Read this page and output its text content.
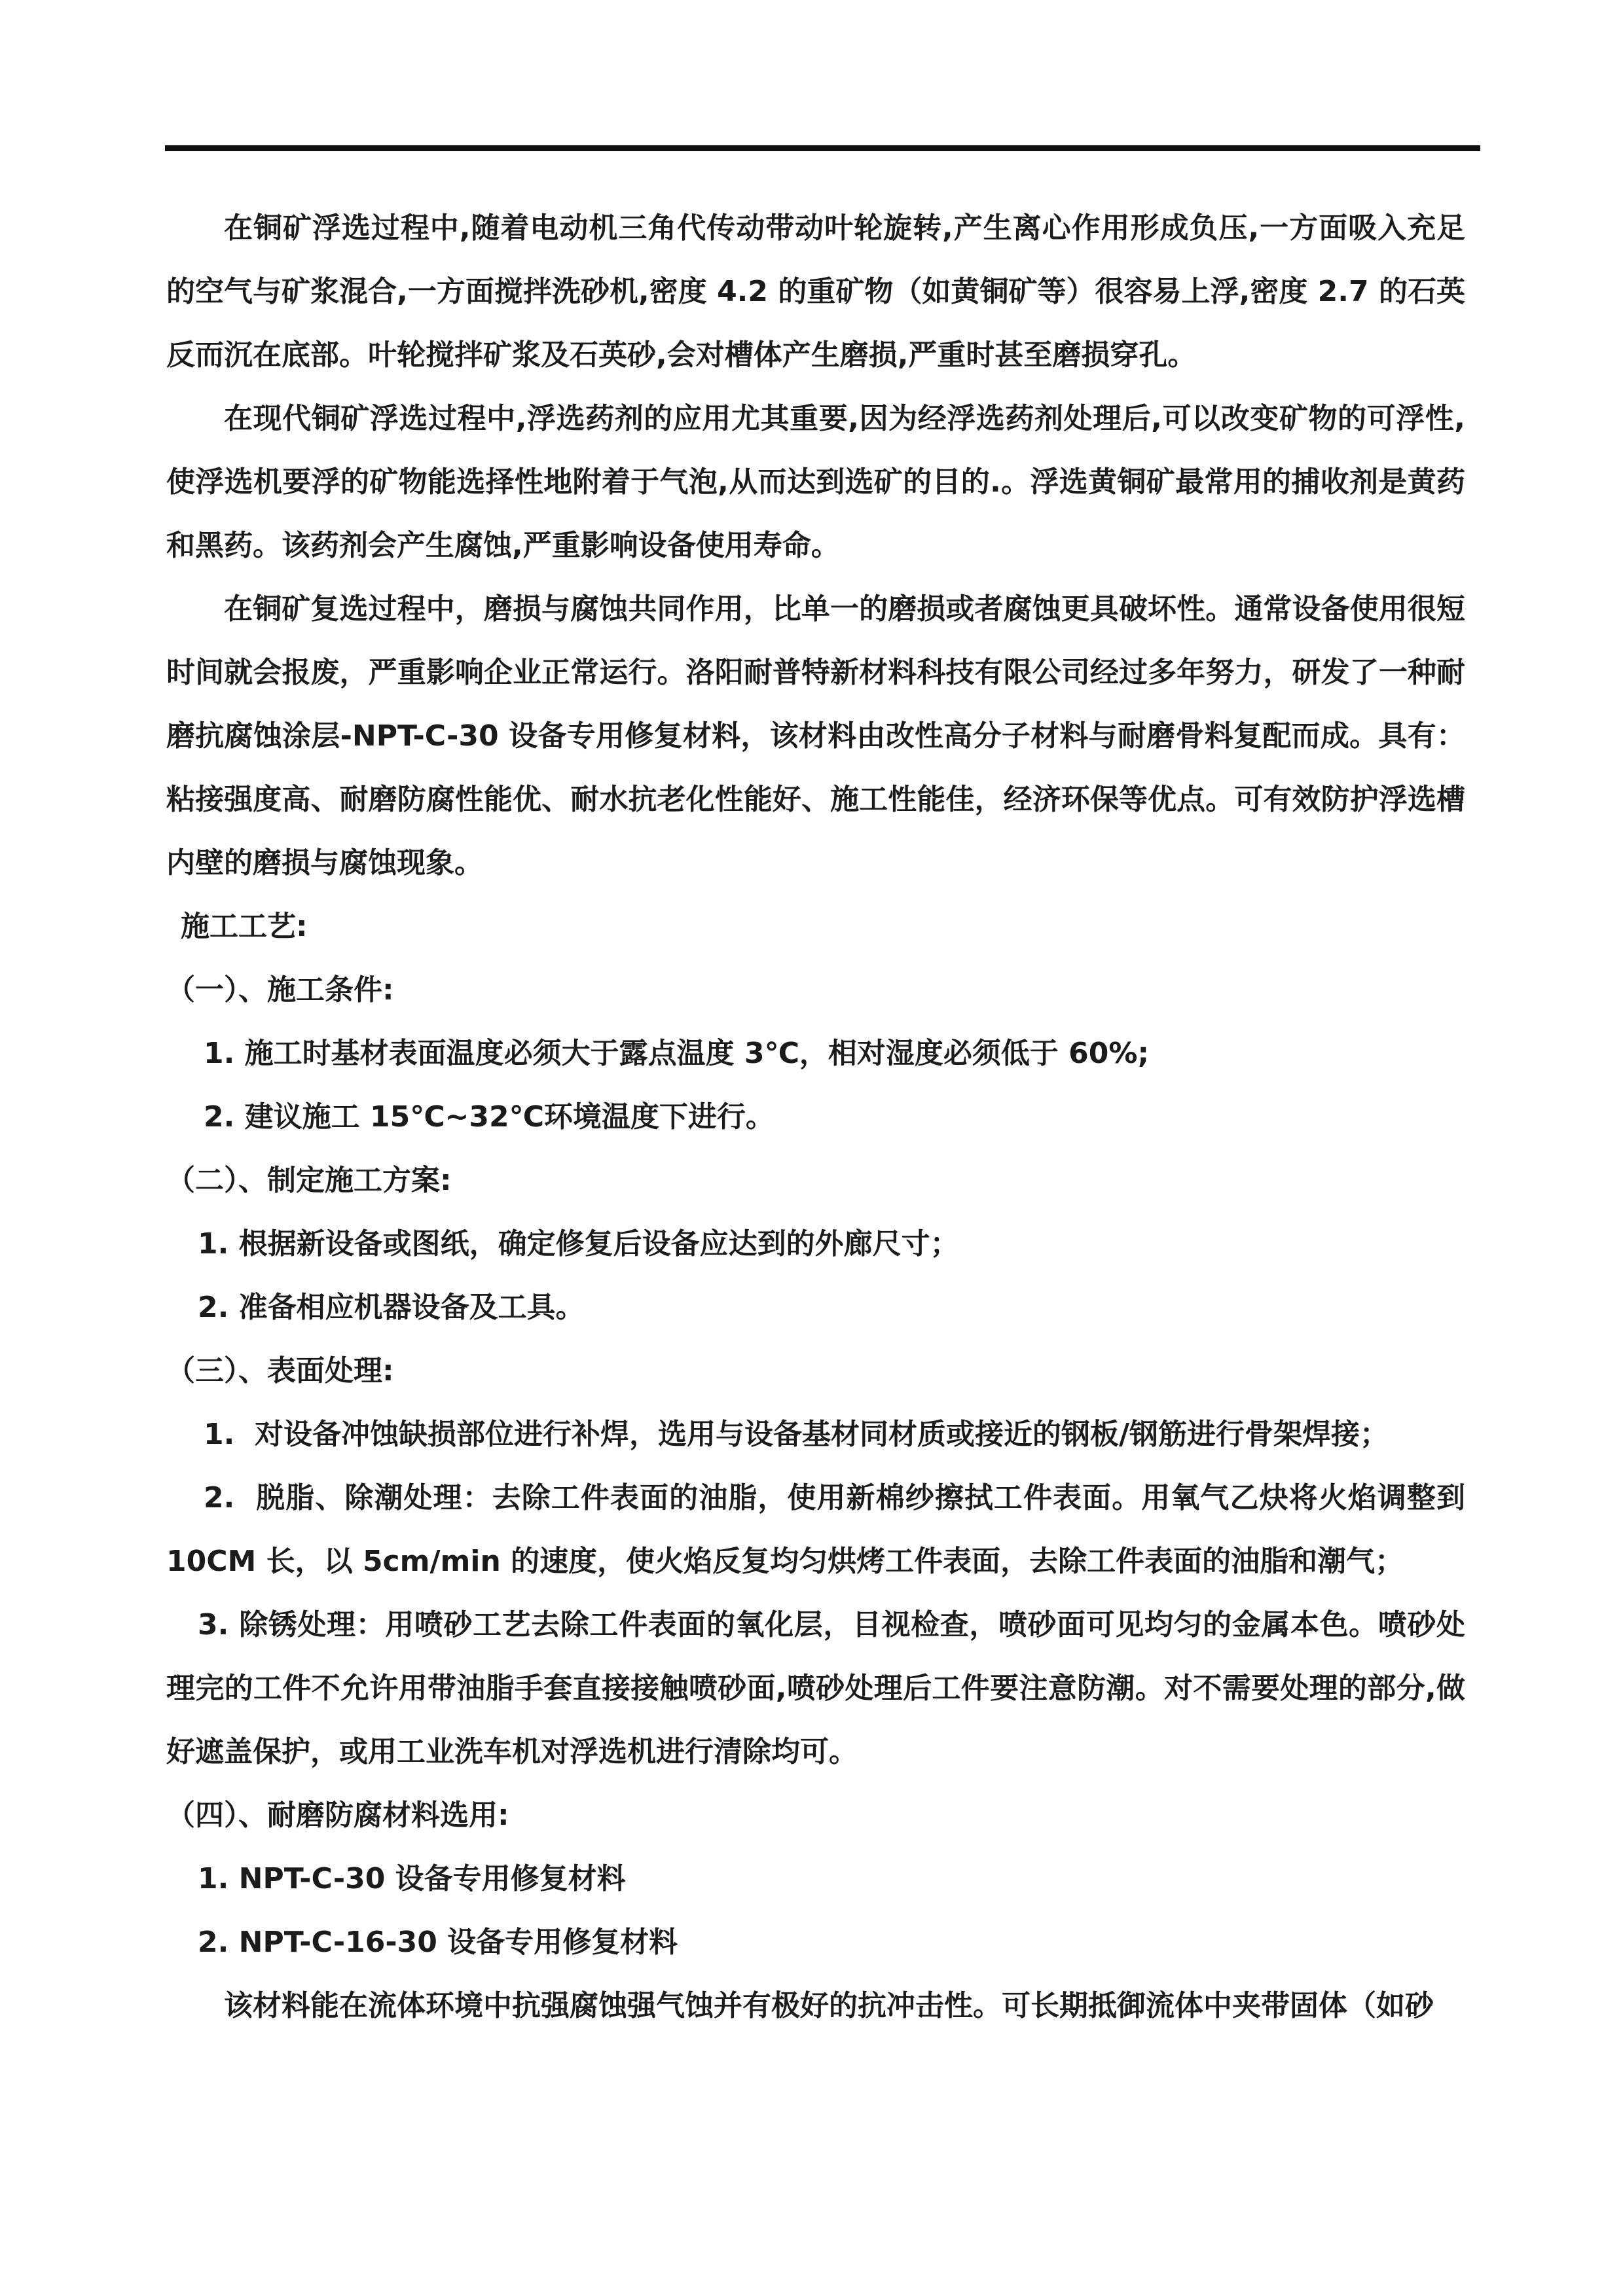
在铜矿浮选过程中,随着电动机三角代传动带动叶轮旋转,产生离心作用形成负压,一方面吸入充足的空气与矿浆混合,一方面搅拌洗砂机,密度 4.2 的重矿物（如黄铜矿等）很容易上浮,密度 2.7 的石英反而沉在底部。叶轮搅拌矿浆及石英砂,会对槽体产生磨损,严重时甚至磨损穿孔。

在现代铜矿浮选过程中,浮选药剂的应用尤其重要,因为经浮选药剂处理后,可以改变矿物的可浮性,使浮选机要浮的矿物能选择性地附着于气泡,从而达到选矿的目的.。浮选黄铜矿最常用的捕收剂是黄药和黑药。该药剂会产生腐蚀,严重影响设备使用寿命。

在铜矿复选过程中，磨损与腐蚀共同作用，比单一的磨损或者腐蚀更具破坏性。通常设备使用很短时间就会报废，严重影响企业正常运行。洛阳耐普特新材料科技有限公司经过多年努力，研发了一种耐磨抗腐蚀涂层-NPT-C-30 设备专用修复材料，该材料由改性高分子材料与耐磨骨料复配而成。具有：粘接强度高、耐磨防腐性能优、耐水抗老化性能好、施工性能佳，经济环保等优点。可有效防护浮选槽内壁的磨损与腐蚀现象。

施工工艺:

（一）、施工条件:

1. 施工时基材表面温度必须大于露点温度 3℃，相对湿度必须低于 60%;

2. 建议施工 15℃~32℃环境温度下进行。

（二）、制定施工方案:

1. 根据新设备或图纸，确定修复后设备应达到的外廊尺寸；

2. 准备相应机器设备及工具。

（三）、表面处理:

1.  对设备冲蚀缺损部位进行补焊，选用与设备基材同材质或接近的钢板/钢筋进行骨架焊接；

2.  脱脂、除潮处理：去除工件表面的油脂，使用新棉纱擦拭工件表面。用氧气乙炔将火焰调整到 10CM 长，以 5cm/min 的速度，使火焰反复均匀烘烤工件表面，去除工件表面的油脂和潮气；

3. 除锈处理：用喷砂工艺去除工件表面的氧化层，目视检查，喷砂面可见均匀的金属本色。喷砂处理完的工件不允许用带油脂手套直接接触喷砂面,喷砂处理后工件要注意防潮。对不需要处理的部分,做好遮盖保护，或用工业洗车机对浮选机进行清除均可。

（四）、耐磨防腐材料选用:

1. NPT-C-30 设备专用修复材料

2. NPT-C-16-30 设备专用修复材料

该材料能在流体环境中抗强腐蚀强气蚀并有极好的抗冲击性。可长期抵御流体中夹带固体（如砂
